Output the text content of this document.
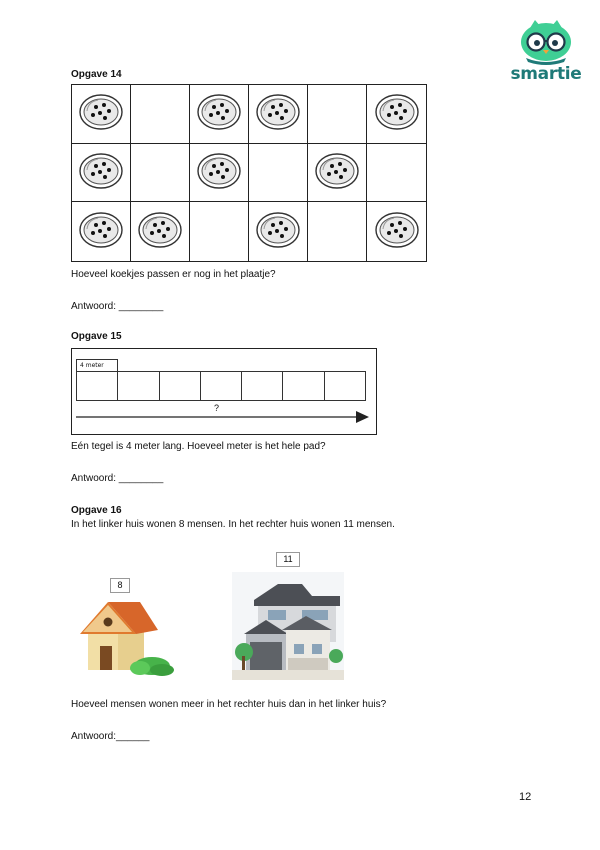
smartie
Opgave 14
Hoeveel koekjes passen er nog in het plaatje?
Antwoord: ________
Opgave 15
4 meter
?
Eén tegel is 4 meter lang. Hoeveel meter is het hele pad?
Antwoord: ________
Opgave 16
In het linker huis wonen 8 mensen. In het rechter huis wonen 11 mensen.
8
11
Hoeveel mensen wonen meer in het rechter huis dan in het linker huis?
Antwoord:______
12
